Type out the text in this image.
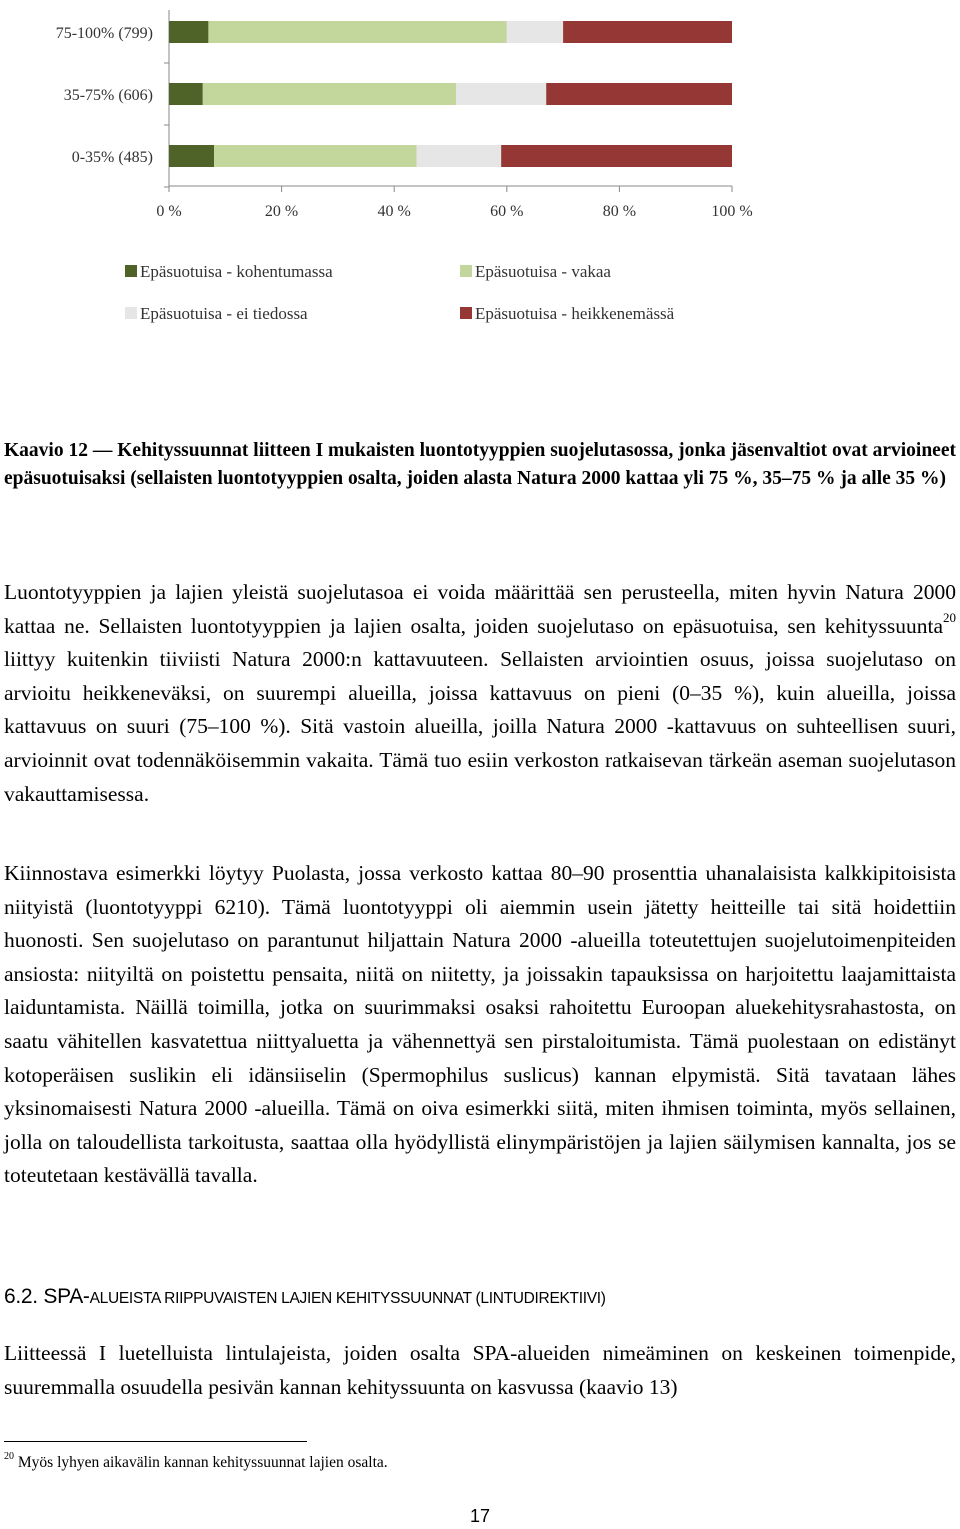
0 %	20 %	40 %	60 %	80 %	100 %
75-100% (799)
35-75% (606)
0-35% (485)
Epäsuotuisa - kohentumassa	Epäsuotuisa - vakaa
Epäsuotuisa - ei tiedossa	Epäsuotuisa - heikkenemässä
Kaavio 12 — Kehityssuunnat liitteen I mukaisten luontotyyppien suojelutasossa, jonka jäsenvaltiot ovat arvioineet epäsuotuisaksi (sellaisten luontotyyppien osalta, joiden alasta Natura 2000 kattaa yli 75 %, 35–75 % ja alle 35 %)
Luontotyyppien ja lajien yleistä suojelutasoa ei voida määrittää sen perusteella, miten hyvin Natura 2000 kattaa ne. Sellaisten luontotyyppien ja lajien osalta, joiden suojelutaso on epäsuotuisa, sen kehityssuunta$^{20}$ liittyy kuitenkin tiiviisti Natura 2000:n kattavuuteen. Sellaisten arviointien osuus, joissa suojelutaso on arvioitu heikkeneväksi, on suurempi alueilla, joissa kattavuus on pieni (0–35 %), kuin alueilla, joissa kattavuus on suuri (75–100 %). Sitä vastoin alueilla, joilla Natura 2000 -kattavuus on suhteellisen suuri, arvioinnit ovat todennäköisemmin vakaita. Tämä tuo esiin verkoston ratkaisevan tärkeän aseman suojelutason vakauttamisessa.
Kiinnostava esimerkki löytyy Puolasta, jossa verkosto kattaa 80–90 prosenttia uhanalaisista kalkkipitoisista niityistä (luontotyyppi 6210). Tämä luontotyyppi oli aiemmin usein jätetty heitteille tai sitä hoidettiin huonosti. Sen suojelutaso on parantunut hiljattain Natura 2000 -alueilla toteutettujen suojelutoimenpiteiden ansiosta: niityiltä on poistettu pensaita, niitä on niitetty, ja joissakin tapauksissa on harjoitettu laajamittaista laiduntamista. Näillä toimilla, jotka on suurimmaksi osaksi rahoitettu Euroopan aluekehitysrahastosta, on saatu vähitellen kasvatettua niittyaluetta ja vähennettyä sen pirstaloitumista. Tämä puolestaan on edistänyt kotoperäisen suslikin eli idänsiiselin (Spermophilus suslicus) kannan elpymistä. Sitä tavataan lähes yksinomaisesti Natura 2000 -alueilla. Tämä on oiva esimerkki siitä, miten ihmisen toiminta, myös sellainen, jolla on taloudellista tarkoitusta, saattaa olla hyödyllistä elinympäristöjen ja lajien säilymisen kannalta, jos se toteutetaan kestävällä tavalla.
6.2. SPA-ALUEISTA RIIPPUVAISTEN LAJIEN KEHITYSSUUNNAT (LINTUDIREKTIIVI)
Liitteessä I luetelluista lintulajeista, joiden osalta SPA-alueiden nimeäminen on keskeinen toimenpide, suuremmalla osuudella pesivän kannan kehityssuunta on kasvussa (kaavio 13)
$^{20}$ Myös lyhyen aikavälin kannan kehityssuunnat lajien osalta.
17
